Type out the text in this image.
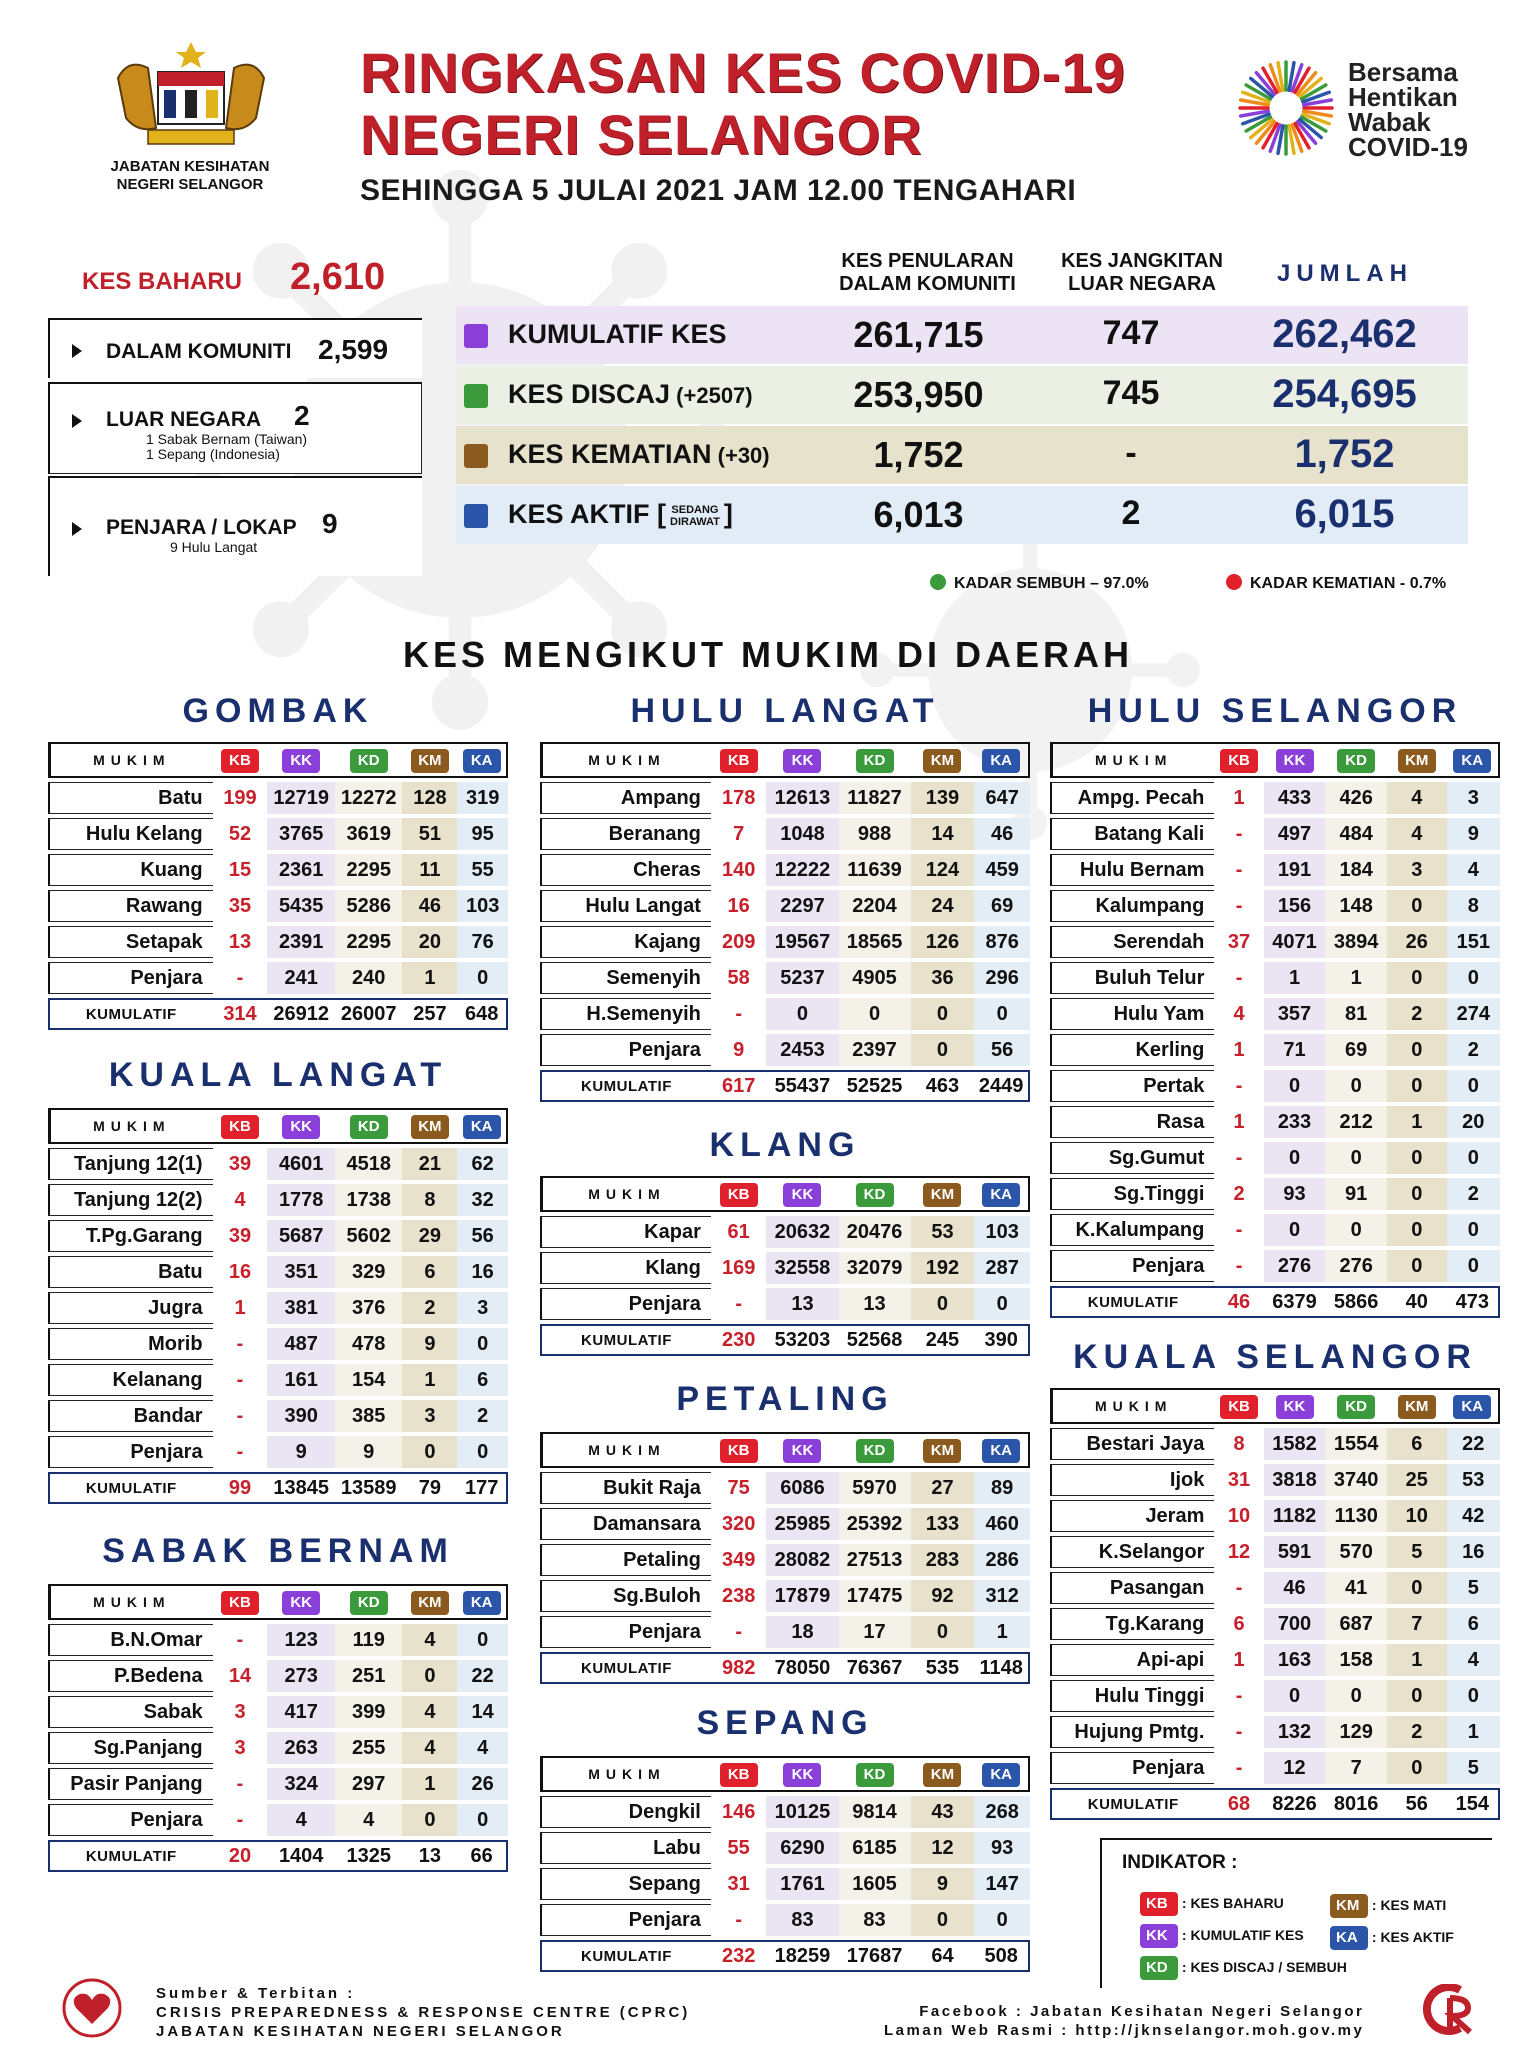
JABATAN KESIHATAN
NEGERI SELANGOR
RINGKASAN KES COVID-19
NEGERI SELANGOR
SEHINGGA 5 JULAI 2021 JAM 12.00 TENGAHARI
Bersama
Hentikan
Wabak
COVID-19
KES BAHARU 2,610
DALAM KOMUNITI 2,599
LUAR NEGARA 2
1 Sabak Bernam (Taiwan)
1 Sepang (Indonesia)
PENJARA / LOKAP 9
9 Hulu Langat
KES PENULARAN
DALAM KOMUNITI
KES JANGKITAN
LUAR NEGARA	JUMLAH
KUMULATIF KES	261,715	747	262,462
KES DISCAJ (+2507)	253,950	745	254,695
KES KEMATIAN (+30)	1,752	-	1,752
KES AKTIF [ SEDANG
DIRAWAT ]	6,013	2	6,015
KADAR SEMBUH – 97.0%	KADAR KEMATIAN - 0.7%
KES MENGIKUT MUKIM DI DAERAH
GOMBAK
KUALA LANGAT
SABAK BERNAM
HULU LANGAT
KLANG
PETALING
SEPANG
HULU SELANGOR
KUALA SELANGOR
MUKIM	KB	KK	KD	KM	KA
Batu	199	12719	12272	128	319
Hulu Kelang	52	3765	3619	51	95
Kuang	15	2361	2295	11	55
Rawang	35	5435	5286	46	103
Setapak	13	2391	2295	20	76
Penjara	-	241	240	1	0
KUMULATIF	314	26912	26007	257	648
MUKIM	KB	KK	KD	KM	KA
Tanjung 12(1)	39	4601	4518	21	62
Tanjung 12(2)	4	1778	1738	8	32
T.Pg.Garang	39	5687	5602	29	56
Batu	16	351	329	6	16
Jugra	1	381	376	2	3
Morib	-	487	478	9	0
Kelanang	-	161	154	1	6
Bandar	-	390	385	3	2
Penjara	-	9	9	0	0
KUMULATIF	99	13845	13589	79	177
MUKIM	KB	KK	KD	KM	KA
B.N.Omar	-	123	119	4	0
P.Bedena	14	273	251	0	22
Sabak	3	417	399	4	14
Sg.Panjang	3	263	255	4	4
Pasir Panjang	-	324	297	1	26
Penjara	-	4	4	0	0
KUMULATIF	20	1404	1325	13	66
MUKIM	KB	KK	KD	KM	KA
Ampang	178	12613	11827	139	647
Beranang	7	1048	988	14	46
Cheras	140	12222	11639	124	459
Hulu Langat	16	2297	2204	24	69
Kajang	209	19567	18565	126	876
Semenyih	58	5237	4905	36	296
H.Semenyih	-	0	0	0	0
Penjara	9	2453	2397	0	56
KUMULATIF	617	55437	52525	463	2449
MUKIM	KB	KK	KD	KM	KA
Kapar	61	20632	20476	53	103
Klang	169	32558	32079	192	287
Penjara	-	13	13	0	0
KUMULATIF	230	53203	52568	245	390
MUKIM	KB	KK	KD	KM	KA
Bukit Raja	75	6086	5970	27	89
Damansara	320	25985	25392	133	460
Petaling	349	28082	27513	283	286
Sg.Buloh	238	17879	17475	92	312
Penjara	-	18	17	0	1
KUMULATIF	982	78050	76367	535	1148
MUKIM	KB	KK	KD	KM	KA
Dengkil	146	10125	9814	43	268
Labu	55	6290	6185	12	93
Sepang	31	1761	1605	9	147
Penjara	-	83	83	0	0
KUMULATIF	232	18259	17687	64	508
MUKIM	KB	KK	KD	KM	KA
Ampg. Pecah	1	433	426	4	3
Batang Kali	-	497	484	4	9
Hulu Bernam	-	191	184	3	4
Kalumpang	-	156	148	0	8
Serendah	37	4071	3894	26	151
Buluh Telur	-	1	1	0	0
Hulu Yam	4	357	81	2	274
Kerling	1	71	69	0	2
Pertak	-	0	0	0	0
Rasa	1	233	212	1	20
Sg.Gumut	-	0	0	0	0
Sg.Tinggi	2	93	91	0	2
K.Kalumpang	-	0	0	0	0
Penjara	-	276	276	0	0
KUMULATIF	46	6379	5866	40	473
MUKIM	KB	KK	KD	KM	KA
Bestari Jaya	8	1582	1554	6	22
Ijok	31	3818	3740	25	53
Jeram	10	1182	1130	10	42
K.Selangor	12	591	570	5	16
Pasangan	-	46	41	0	5
Tg.Karang	6	700	687	7	6
Api-api	1	163	158	1	4
Hulu Tinggi	-	0	0	0	0
Hujung Pmtg.	-	132	129	2	1
Penjara	-	12	7	0	5
KUMULATIF	68	8226	8016	56	154
INDIKATOR :
KB : KES BAHARU
KK : KUMULATIF KES
KD : KES DISCAJ / SEMBUH
KM : KES MATI
KA : KES AKTIF
Sumber & Terbitan :
CRISIS PREPAREDNESS & RESPONSE CENTRE (CPRC)
JABATAN KESIHATAN NEGERI SELANGOR
Facebook : Jabatan Kesihatan Negeri Selangor
Laman Web Rasmi : http://jknselangor.moh.gov.my
